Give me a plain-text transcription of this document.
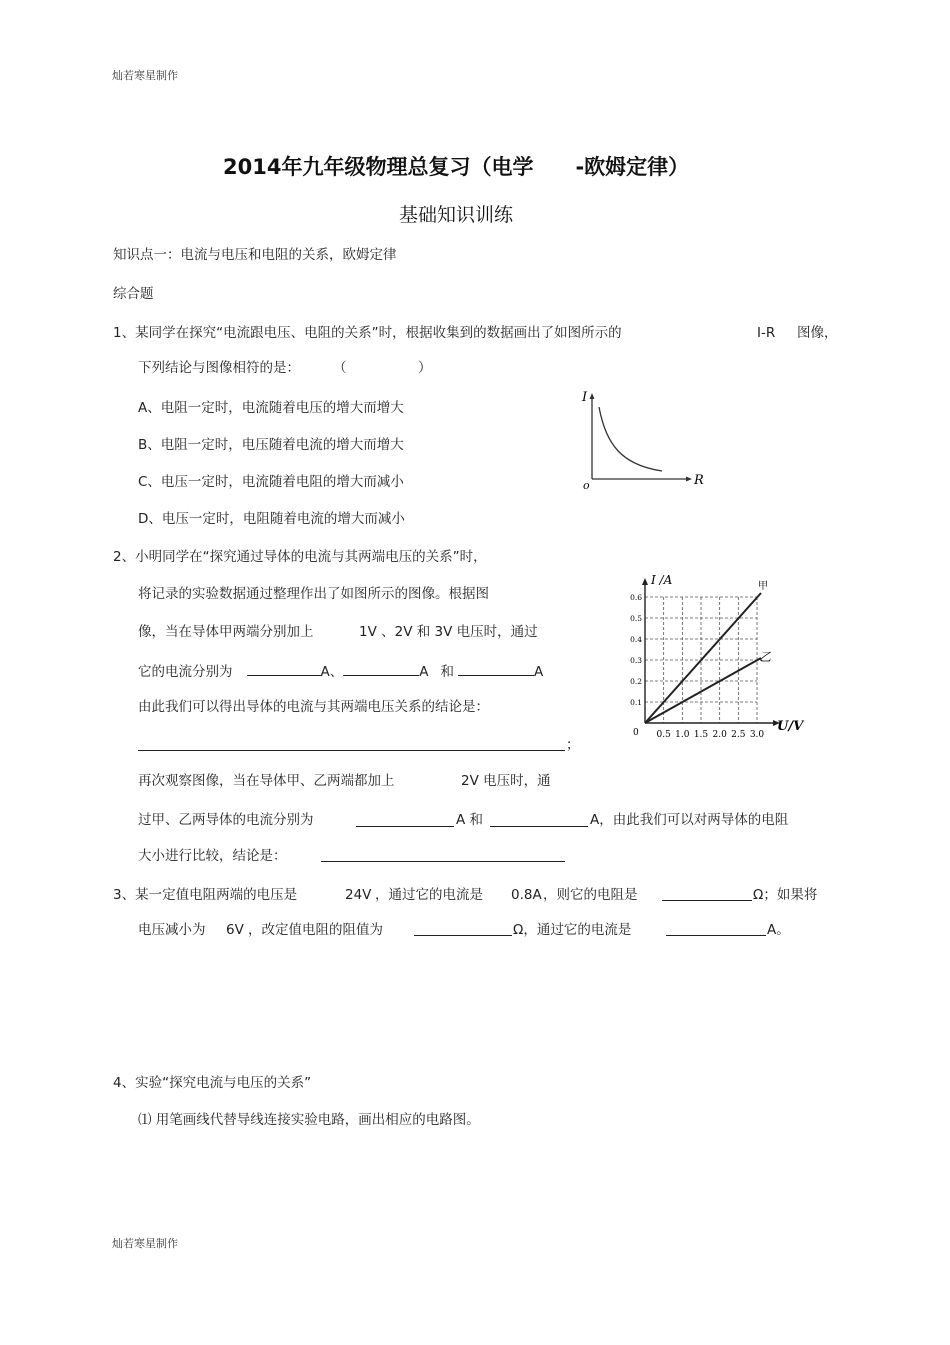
灿若寒星制作
灿若寒星制作
2014年九年级物理总复习（电学 -欧姆定律）
基础知识训练
知识点一：电流与电压和电阻的关系，欧姆定律
综合题
1、某同学在探究“电流跟电压、电阻的关系”时，根据收集到的数据画出了如图所示的	I-R 图像，
下列结论与图像相符的是： （	）
A、电阻一定时，电流随着电压的增大而增大
B、电阻一定时，电压随着电流的增大而增大
C、电压一定时，电流随着电阻的增大而减小
D、电压一定时，电阻随着电流的增大而减小
I
R
o
2、小明同学在“探究通过导体的电流与其两端电压的关系”时，
将记录的实验数据通过整理作出了如图所示的图像。根据图
像，当在导体甲两端分别加上	1V 、2V 和 3V 电压时，通过
它的电流分别为	A、	A 和	A
由此我们可以得出导体的电流与其两端电压关系的结论是：
；
再次观察图像，当在导体甲、乙两端都加上	2V 电压时，通
过甲、乙两导体的电流分别为	A 和	A，由此我们可以对两导体的电阻
大小进行比较，结论是：
0.5 1.0 1.5 2.0 2.5 3.0
0.1
0.2
0.3
0.4
0.5
0.6
I /A
U/V
0
甲
乙
3、某一定值电阻两端的电压是	24V ，通过它的电流是 0.8A ，则它的电阻是	Ω；如果将
电压减小为 6V ，改定值电阻的阻值为	Ω，通过它的电流是	A。
4、实验“探究电流与电压的关系”
⑴ 用笔画线代替导线连接实验电路，画出相应的电路图。
